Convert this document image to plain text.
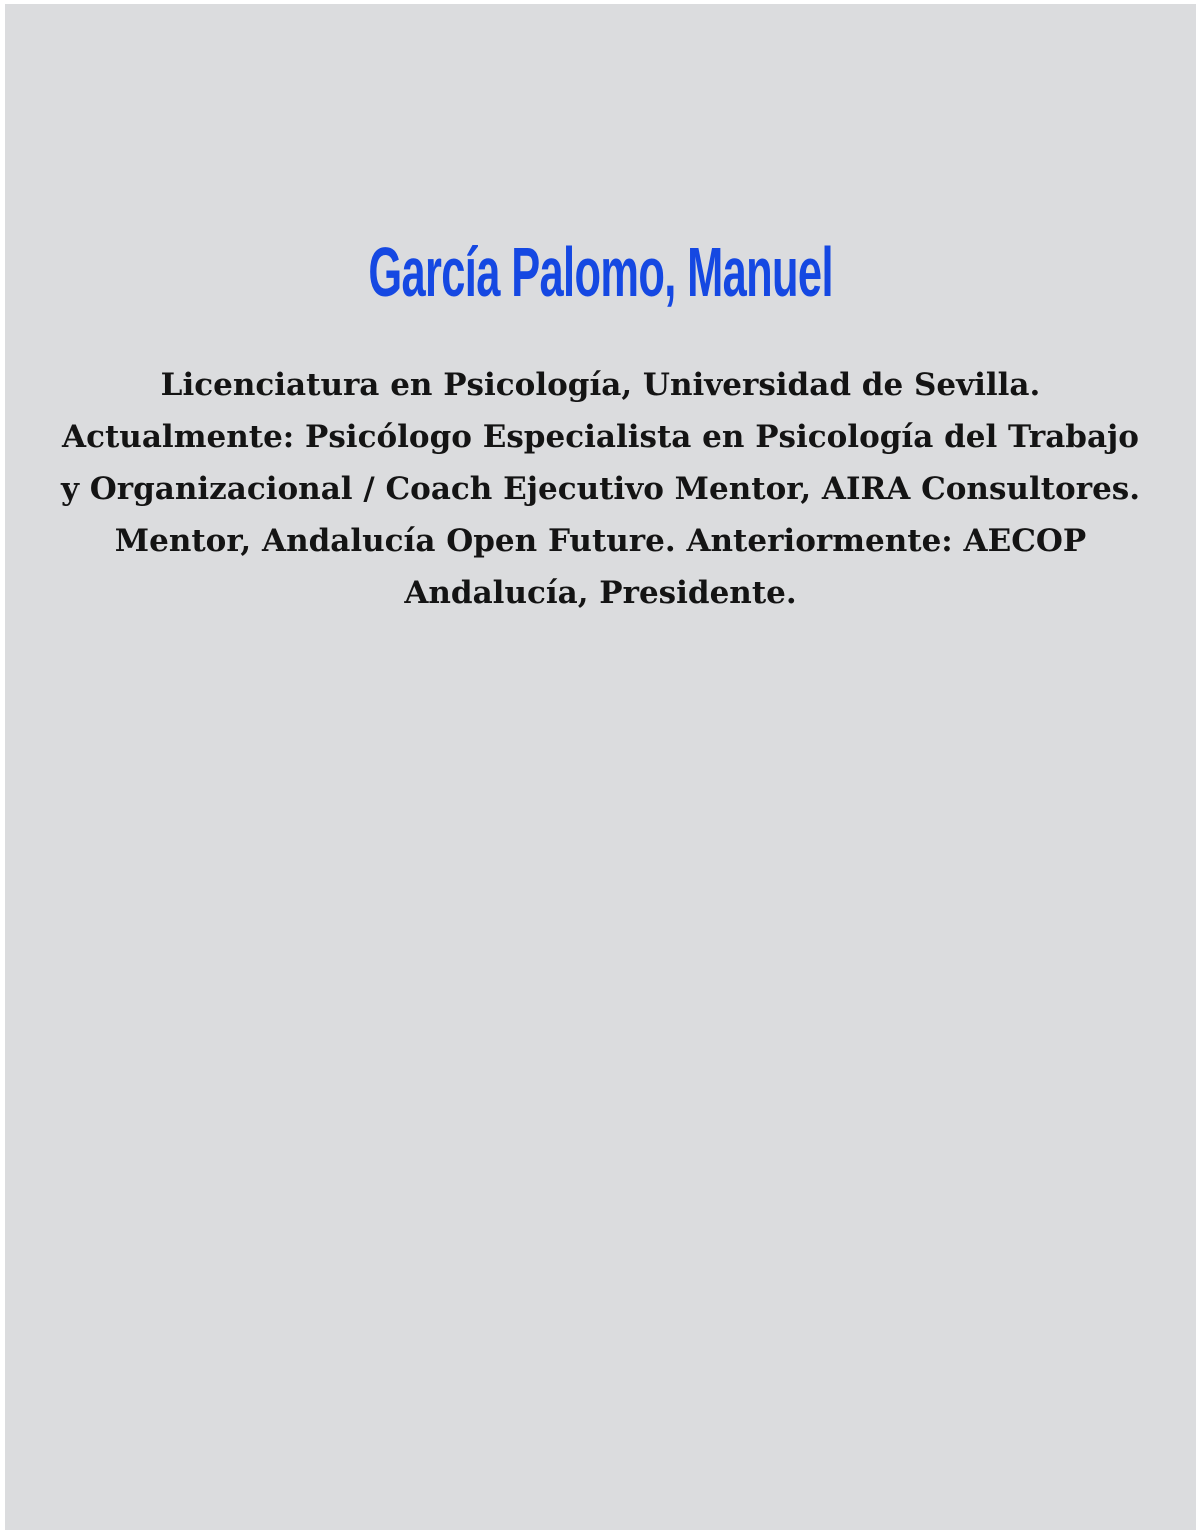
García Palomo, Manuel
Licenciatura en Psicología, Universidad de Sevilla.
Actualmente: Psicólogo Especialista en Psicología del Trabajo
y Organizacional / Coach Ejecutivo Mentor, AIRA Consultores.
Mentor, Andalucía Open Future. Anteriormente: AECOP
Andalucía, Presidente.
